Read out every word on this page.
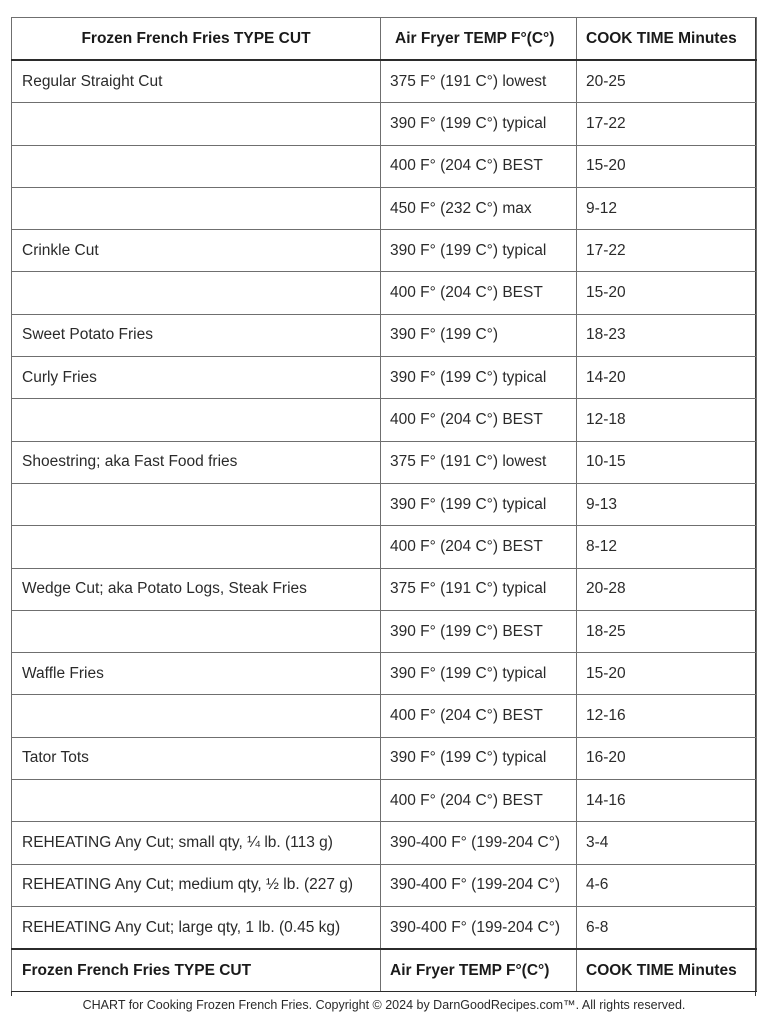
Frozen French Fries TYPE CUT	Air Fryer TEMP F°(C°)	COOK TIME Minutes
Regular Straight Cut	375 F° (191 C°) lowest	20-25
	390 F° (199 C°) typical	17-22
	400 F° (204 C°) BEST	15-20
	450 F° (232 C°) max	9-12
Crinkle Cut	390 F° (199 C°) typical	17-22
	400 F° (204 C°) BEST	15-20
Sweet Potato Fries	390 F° (199 C°)	18-23
Curly Fries	390 F° (199 C°) typical	14-20
	400 F° (204 C°) BEST	12-18
Shoestring; aka Fast Food fries	375 F° (191 C°) lowest	10-15
	390 F° (199 C°) typical	9-13
	400 F° (204 C°) BEST	8-12
Wedge Cut; aka Potato Logs, Steak Fries	375 F° (191 C°) typical	20-28
	390 F° (199 C°) BEST	18-25
Waffle Fries	390 F° (199 C°) typical	15-20
	400 F° (204 C°) BEST	12-16
Tator Tots	390 F° (199 C°) typical	16-20
	400 F° (204 C°) BEST	14-16
REHEATING Any Cut; small qty, ¼ lb. (113 g)	390-400 F° (199-204 C°)	3-4
REHEATING Any Cut; medium qty, ½ lb. (227 g)	390-400 F° (199-204 C°)	4-6
REHEATING Any Cut; large qty, 1 lb. (0.45 kg)	390-400 F° (199-204 C°)	6-8
Frozen French Fries TYPE CUT	Air Fryer TEMP F°(C°)	COOK TIME Minutes
CHART for Cooking Frozen French Fries. Copyright © 2024 by DarnGoodRecipes.com™. All rights reserved.
